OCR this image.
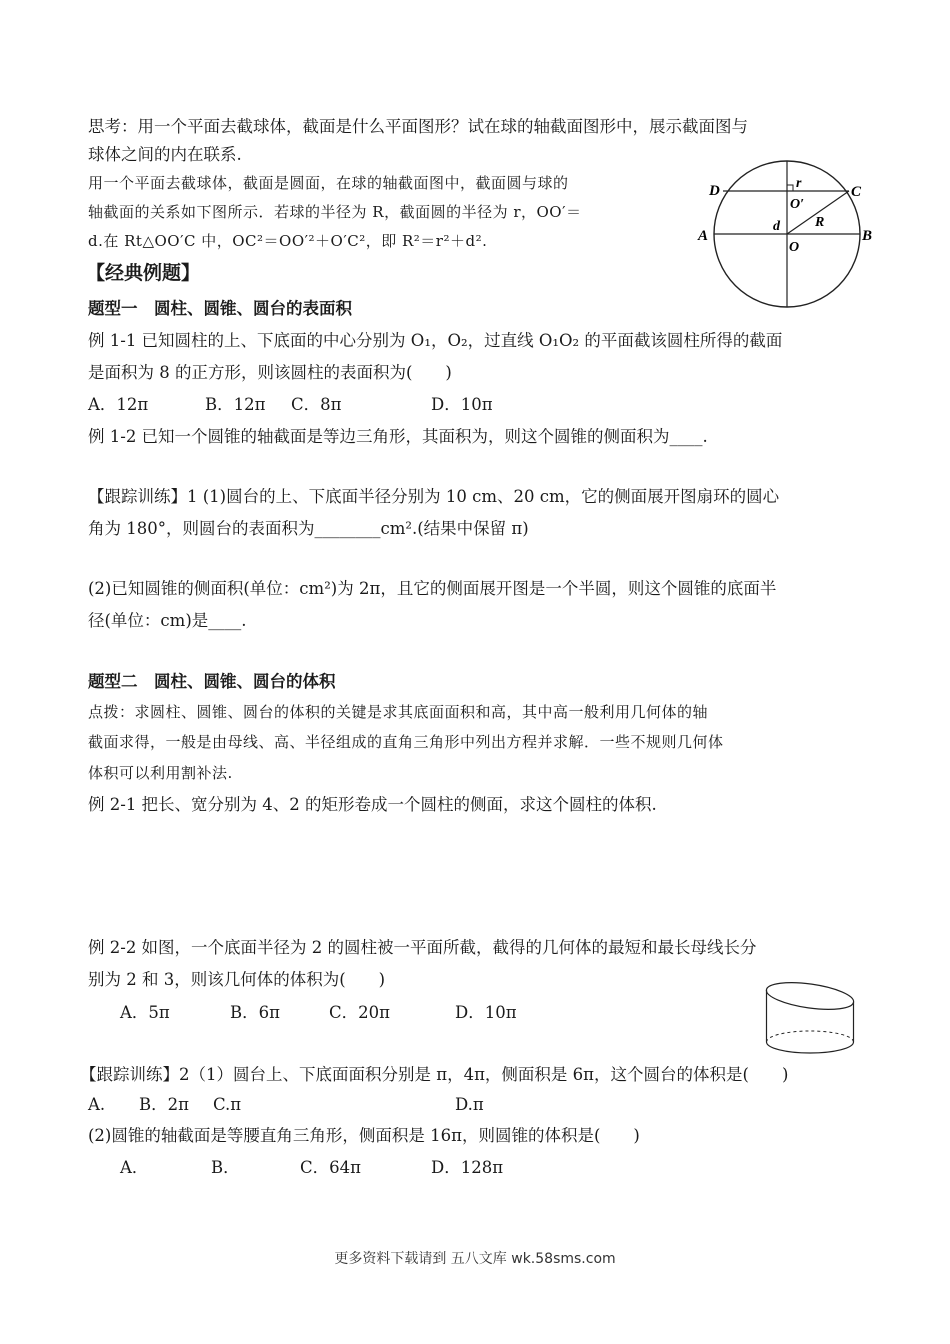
思考：用一个平面去截球体，截面是什么平面图形？试在球的轴截面图形中，展示截面图与
球体之间的内在联系.
用一个平面去截球体，截面是圆面，在球的轴截面图中，截面圆与球的
轴截面的关系如下图所示．若球的半径为 R，截面圆的半径为 r，OO′＝
d.在 Rt△OO′C 中，OC²＝OO′²＋O′C²，即 R²＝r²＋d².
D	C
A	B
O
O′
r
R
d
【经典例题】
题型一　圆柱、圆锥、圆台的表面积
例 1-1 已知圆柱的上、下底面的中心分别为 O₁，O₂，过直线 O₁O₂ 的平面截该圆柱所得的截面
是面积为 8 的正方形，则该圆柱的表面积为(　　)
A．12π	B．12π C．8π	D．10π
例 1-2 已知一个圆锥的轴截面是等边三角形，其面积为，则这个圆锥的侧面积为____.
【跟踪训练】1 (1)圆台的上、下底面半径分别为 10 cm、20 cm，它的侧面展开图扇环的圆心
角为 180°，则圆台的表面积为________cm².(结果中保留 π)
(2)已知圆锥的侧面积(单位：cm²)为 2π，且它的侧面展开图是一个半圆，则这个圆锥的底面半
径(单位：cm)是____.
题型二　圆柱、圆锥、圆台的体积
点拨：求圆柱、圆锥、圆台的体积的关键是求其底面面积和高，其中高一般利用几何体的轴
截面求得，一般是由母线、高、半径组成的直角三角形中列出方程并求解．一些不规则几何体
体积可以利用割补法.
例 2-1 把长、宽分别为 4、2 的矩形卷成一个圆柱的侧面，求这个圆柱的体积.
例 2-2 如图，一个底面半径为 2 的圆柱被一平面所截，截得的几何体的最短和最长母线长分
别为 2 和 3，则该几何体的体积为(　　)
A．5π	B．6π	C．20π	D．10π
【跟踪训练】2（1）圆台上、下底面面积分别是 π，4π，侧面积是 6π，这个圆台的体积是(　　)
A. B．2π C.π	D.π
(2)圆锥的轴截面是等腰直角三角形，侧面积是 16π，则圆锥的体积是(　　)
A．	B．	C．64π	D．128π
更多资料下载请到 五八文库 wk.58sms.com
